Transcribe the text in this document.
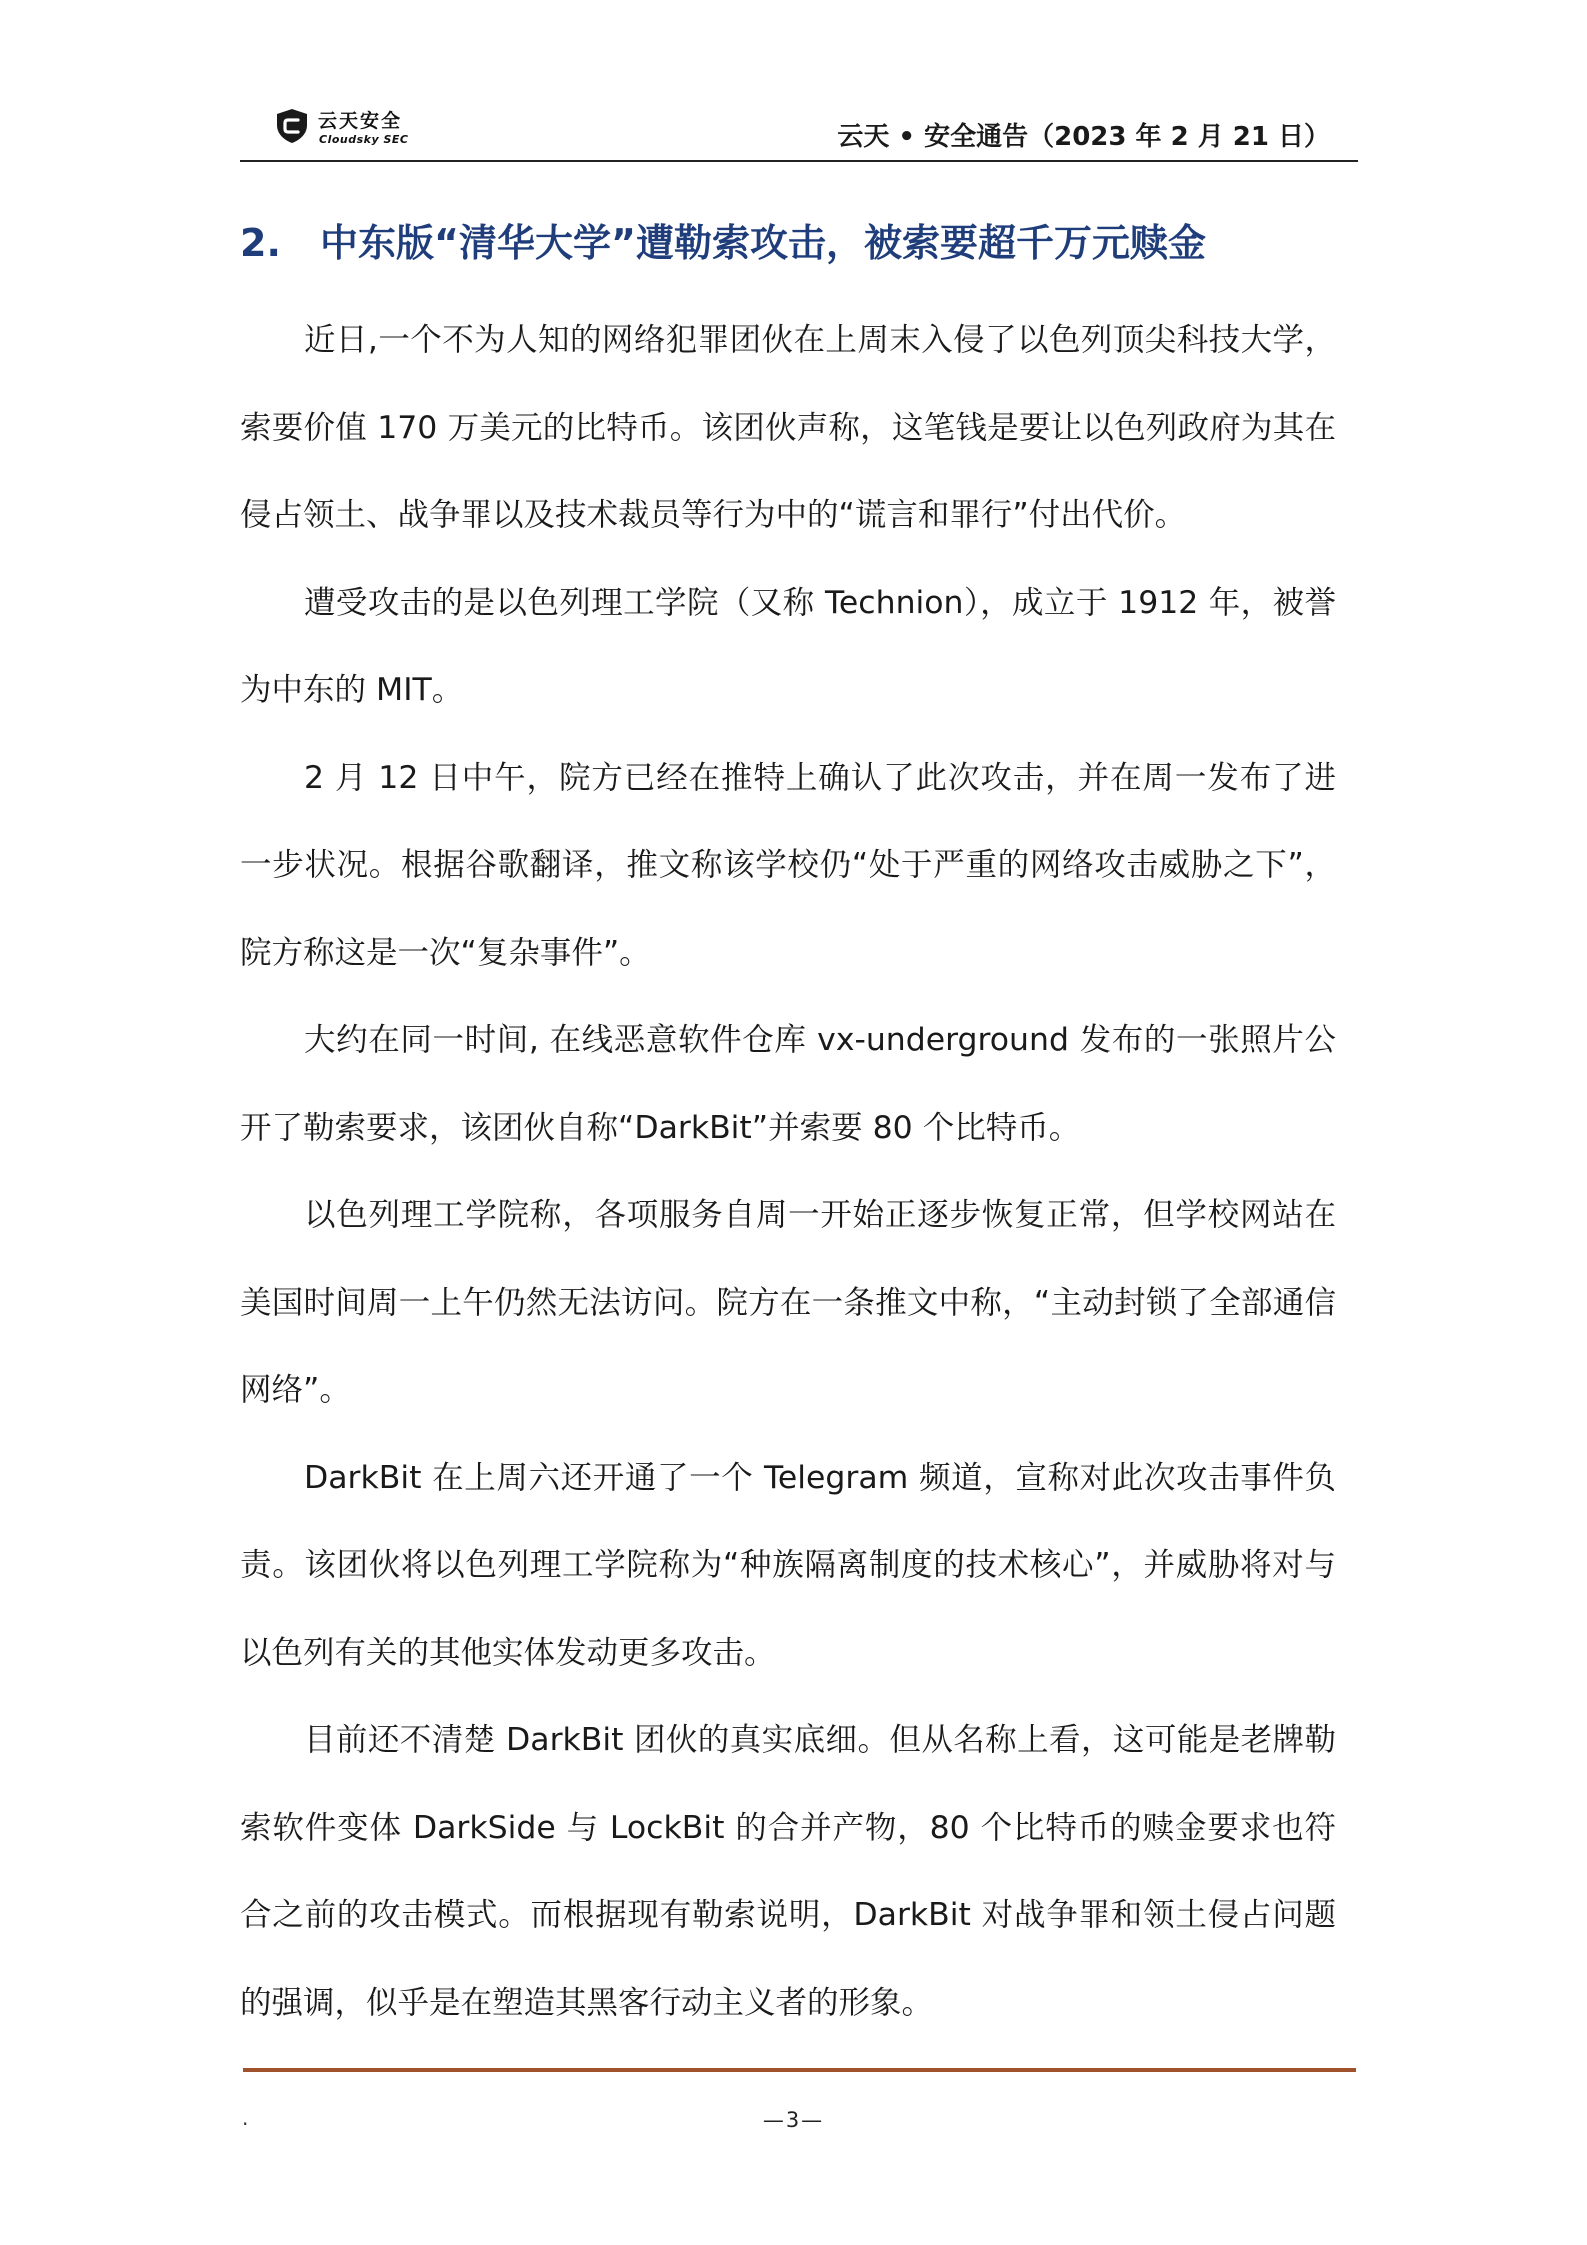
云天安全
Cloudsky SEC	云天 • 安全通告（2023 年 2 月 21 日）
2. 中东版“清华大学”遭勒索攻击，被索要超千万元赎金

近日,一个不为人知的网络犯罪团伙在上周末入侵了以色列顶尖科技大学，索要价值 170 万美元的比特币。该团伙声称，这笔钱是要让以色列政府为其在侵占领土、战争罪以及技术裁员等行为中的“谎言和罪行”付出代价。

遭受攻击的是以色列理工学院（又称 Technion），成立于 1912 年，被誉为中东的 MIT。

2 月 12 日中午，院方已经在推特上确认了此次攻击，并在周一发布了进一步状况。根据谷歌翻译，推文称该学校仍“处于严重的网络攻击威胁之下”，院方称这是一次“复杂事件”。

大约在同一时间, 在线恶意软件仓库 vx-underground 发布的一张照片公开了勒索要求，该团伙自称“DarkBit”并索要 80 个比特币。

以色列理工学院称，各项服务自周一开始正逐步恢复正常，但学校网站在美国时间周一上午仍然无法访问。院方在一条推文中称，“主动封锁了全部通信网络”。

DarkBit 在上周六还开通了一个 Telegram 频道，宣称对此次攻击事件负责。该团伙将以色列理工学院称为“种族隔离制度的技术核心”，并威胁将对与以色列有关的其他实体发动更多攻击。

目前还不清楚 DarkBit 团伙的真实底细。但从名称上看，这可能是老牌勒索软件变体 DarkSide 与 LockBit 的合并产物，80 个比特币的赎金要求也符合之前的攻击模式。而根据现有勒索说明，DarkBit 对战争罪和领土侵占问题的强调，似乎是在塑造其黑客行动主义者的形象。

.	—3—
